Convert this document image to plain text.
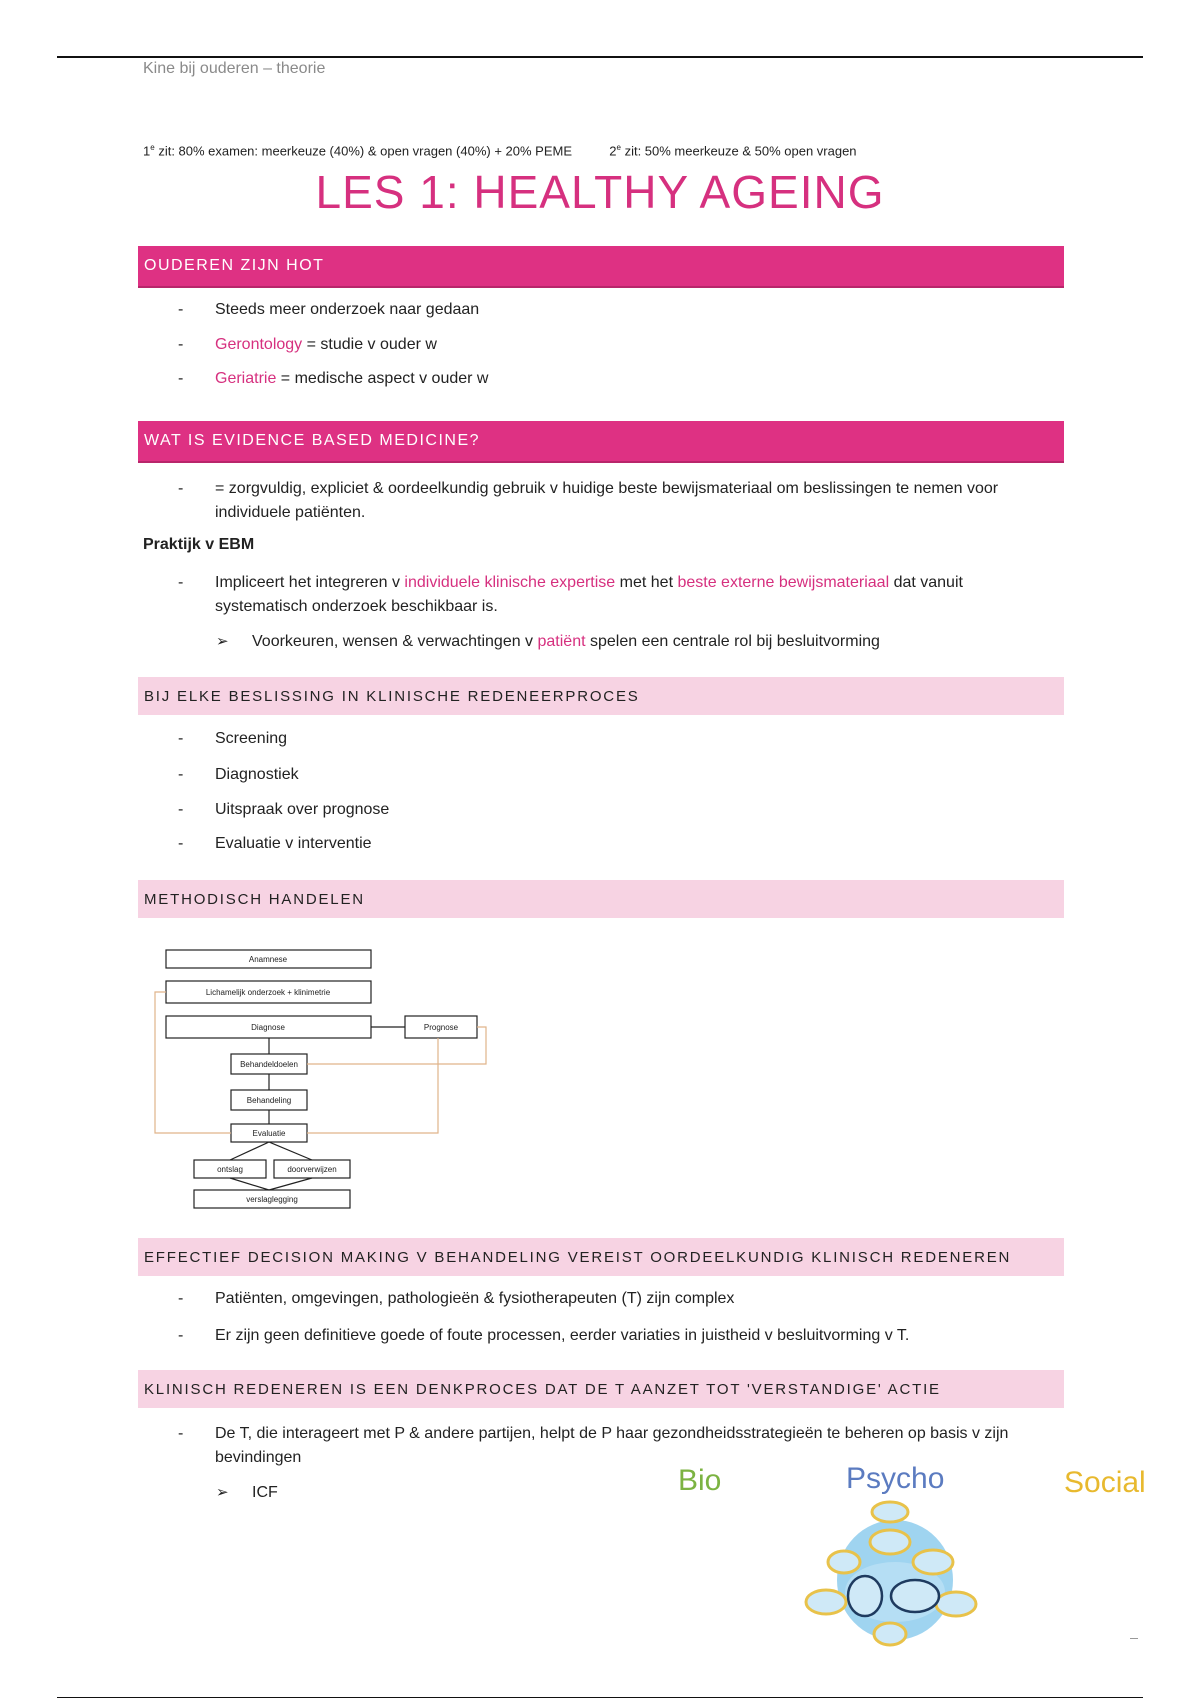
Kine bij ouderen – theorie
1e zit: 80% examen: meerkeuze (40%) & open vragen (40%) + 20% PEME	2e zit: 50% meerkeuze & 50% open vragen
LES 1: HEALTHY AGEING
OUDEREN ZIJN HOT
- Steeds meer onderzoek naar gedaan
- Gerontology = studie v ouder w
- Geriatrie = medische aspect v ouder w
WAT IS EVIDENCE BASED MEDICINE?
- = zorgvuldig, expliciet & oordeelkundig gebruik v huidige beste bewijsmateriaal om beslissingen te nemen voor individuele patiënten.
Praktijk v EBM
- Impliceert het integreren v individuele klinische expertise met het beste externe bewijsmateriaal dat vanuit systematisch onderzoek beschikbaar is.
➢ Voorkeuren, wensen & verwachtingen v patiënt spelen een centrale rol bij besluitvorming
BIJ ELKE BESLISSING IN KLINISCHE REDENEERPROCES
- Screening
- Diagnostiek
- Uitspraak over prognose
- Evaluatie v interventie
METHODISCH HANDELEN
Anamnese
Lichamelijk onderzoek + klinimetrie
Diagnose	Prognose
Behandeldoelen
Behandeling
Evaluatie
ontslag	doorverwijzen
verslaglegging
EFFECTIEF DECISION MAKING V BEHANDELING VEREIST OORDEELKUNDIG KLINISCH REDENEREN
- Patiënten, omgevingen, pathologieën & fysiotherapeuten (T) zijn complex
- Er zijn geen definitieve goede of foute processen, eerder variaties in juistheid v besluitvorming v T.
KLINISCH REDENEREN IS EEN DENKPROCES DAT DE T AANZET TOT 'VERSTANDIGE' ACTIE
- De T, die interageert met P & andere partijen, helpt de P haar gezondheidsstrategieën te beheren op basis v zijn bevindingen
➢ ICF	Bio	Psycho	Social
